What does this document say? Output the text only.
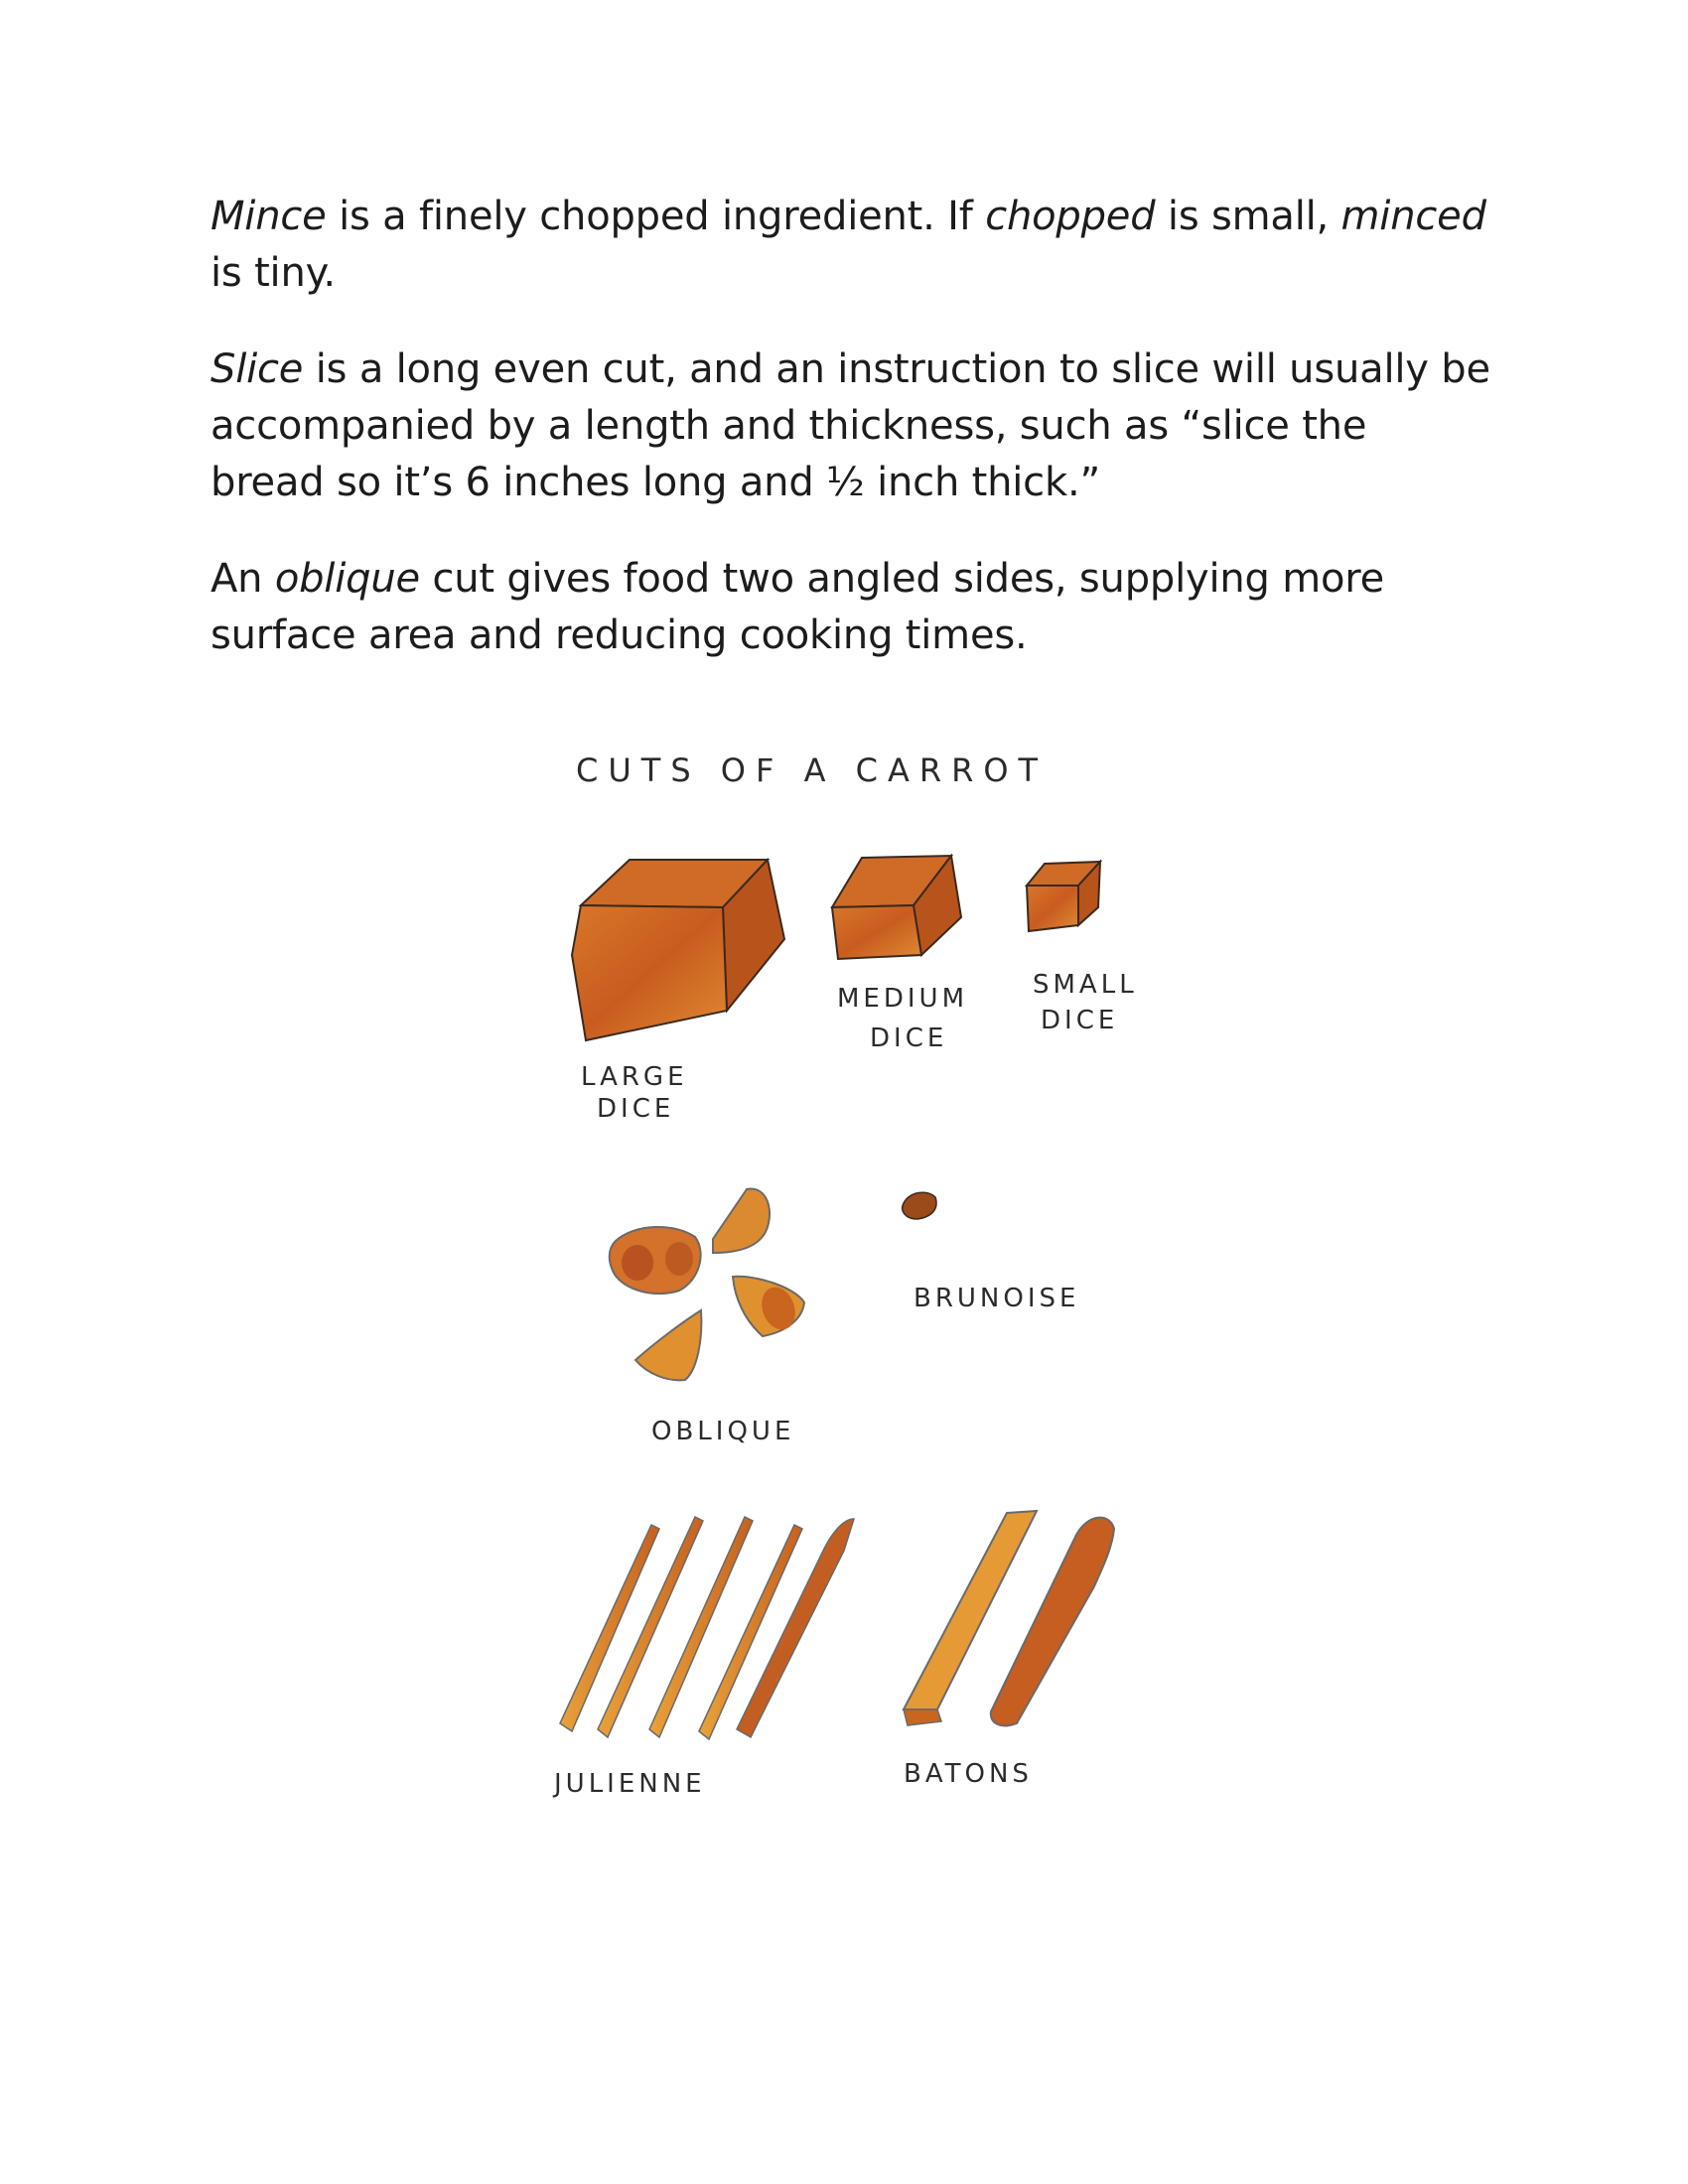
Mince is a finely chopped ingredient. If chopped is small, minced is tiny.

Slice is a long even cut, and an instruction to slice will usually be accompanied by a length and thickness, such as “slice the bread so it’s 6 inches long and ½ inch thick.”

An oblique cut gives food two angled sides, supplying more surface area and reducing cooking times.

CUTS OF A CARROT
LARGE
DICE
MEDIUM
DICE
SMALL
DICE
OBLIQUE
BRUNOISE
JULIENNE	BATONS
